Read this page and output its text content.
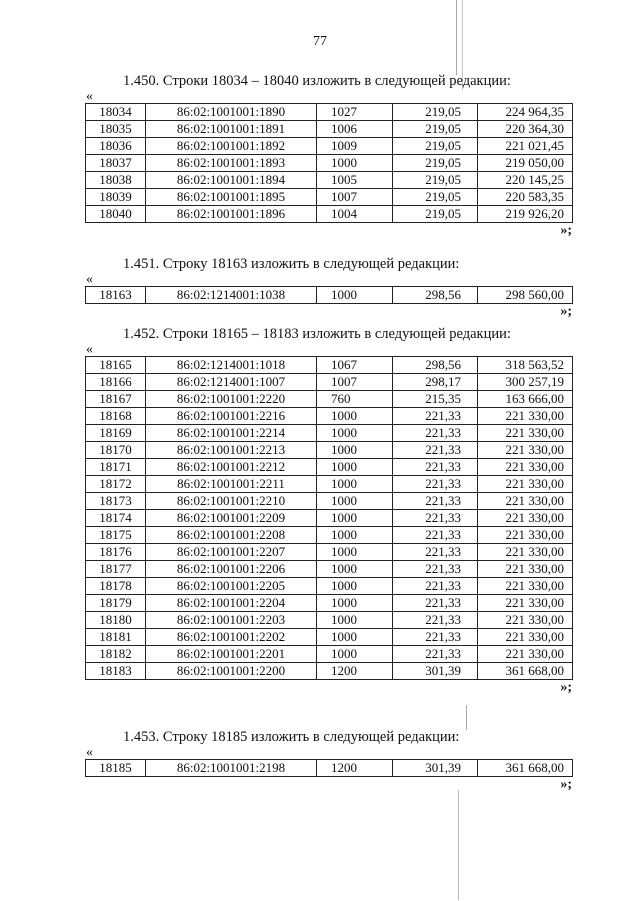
77
1.450. Строки 18034 – 18040 изложить в следующей редакции:
«
18034	86:02:1001001:1890	1027	219,05	224 964,35
18035	86:02:1001001:1891	1006	219,05	220 364,30
18036	86:02:1001001:1892	1009	219,05	221 021,45
18037	86:02:1001001:1893	1000	219,05	219 050,00
18038	86:02:1001001:1894	1005	219,05	220 145,25
18039	86:02:1001001:1895	1007	219,05	220 583,35
18040	86:02:1001001:1896	1004	219,05	219 926,20
»;
1.451. Строку 18163 изложить в следующей редакции:
«
18163	86:02:1214001:1038	1000	298,56	298 560,00
»;
1.452. Строки 18165 – 18183 изложить в следующей редакции:
«
18165	86:02:1214001:1018	1067	298,56	318 563,52
18166	86:02:1214001:1007	1007	298,17	300 257,19
18167	86:02:1001001:2220	760	215,35	163 666,00
18168	86:02:1001001:2216	1000	221,33	221 330,00
18169	86:02:1001001:2214	1000	221,33	221 330,00
18170	86:02:1001001:2213	1000	221,33	221 330,00
18171	86:02:1001001:2212	1000	221,33	221 330,00
18172	86:02:1001001:2211	1000	221,33	221 330,00
18173	86:02:1001001:2210	1000	221,33	221 330,00
18174	86:02:1001001:2209	1000	221,33	221 330,00
18175	86:02:1001001:2208	1000	221,33	221 330,00
18176	86:02:1001001:2207	1000	221,33	221 330,00
18177	86:02:1001001:2206	1000	221,33	221 330,00
18178	86:02:1001001:2205	1000	221,33	221 330,00
18179	86:02:1001001:2204	1000	221,33	221 330,00
18180	86:02:1001001:2203	1000	221,33	221 330,00
18181	86:02:1001001:2202	1000	221,33	221 330,00
18182	86:02:1001001:2201	1000	221,33	221 330,00
18183	86:02:1001001:2200	1200	301,39	361 668,00
»;
1.453. Строку 18185 изложить в следующей редакции:
«
18185	86:02:1001001:2198	1200	301,39	361 668,00
»;
